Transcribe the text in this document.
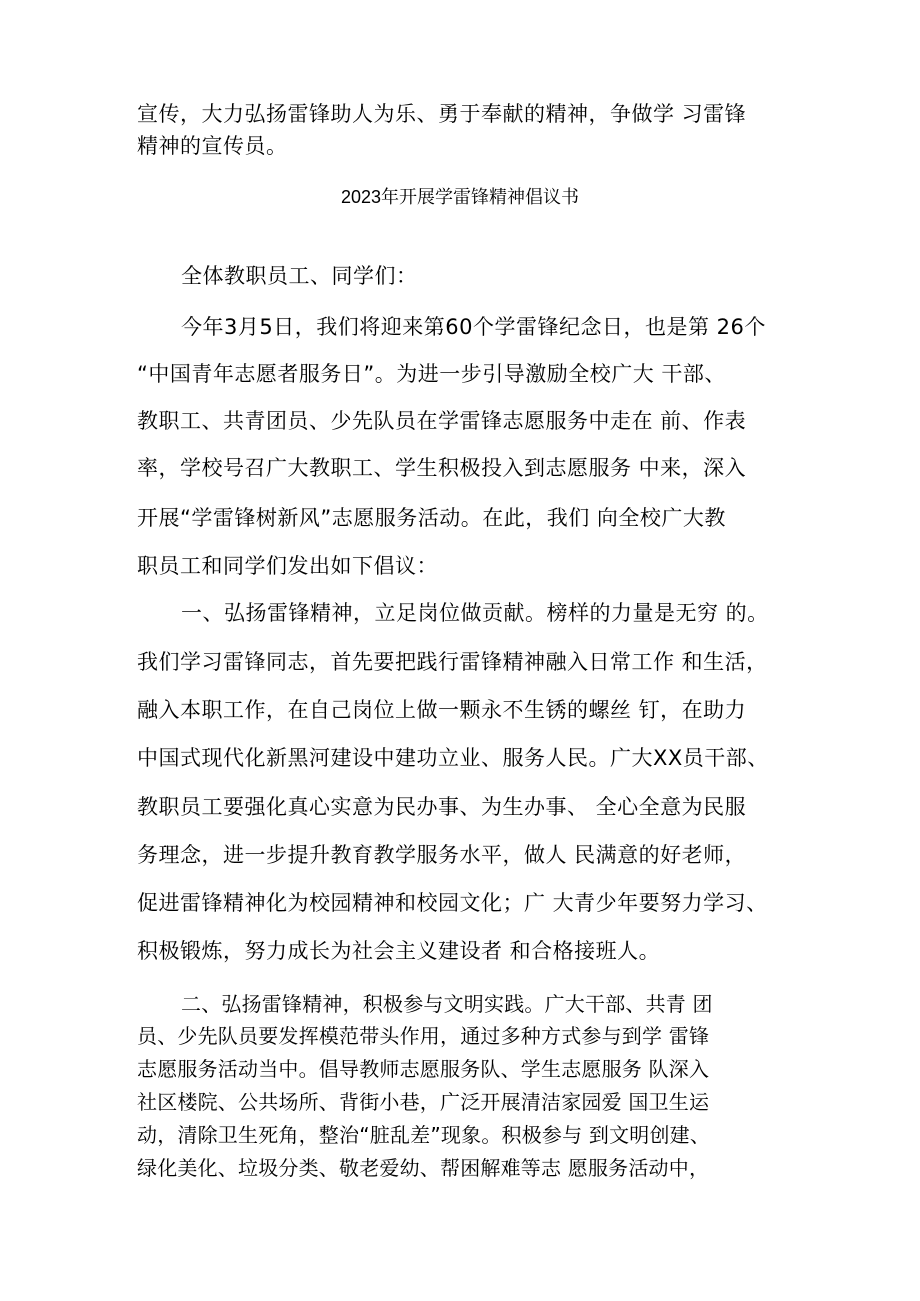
宣传，大力弘扬雷锋助人为乐、勇于奉献的精神，争做学 习雷锋
精神的宣传员。
2023年开展学雷锋精神倡议书
全体教职员工、同学们：
今年3月5日，我们将迎来第60个学雷锋纪念日，也是第 26个
“中国青年志愿者服务日”。为进一步引导激励全校广大 干部、
教职工、共青团员、少先队员在学雷锋志愿服务中走在 前、作表
率，学校号召广大教职工、学生积极投入到志愿服务 中来，深入
开展“学雷锋树新风”志愿服务活动。在此，我们 向全校广大教
职员工和同学们发出如下倡议：
一、弘扬雷锋精神，立足岗位做贡献。榜样的力量是无穷 的。
我们学习雷锋同志，首先要把践行雷锋精神融入日常工作 和生活，
融入本职工作，在自己岗位上做一颗永不生锈的螺丝 钉，在助力
中国式现代化新黑河建设中建功立业、服务人民。广大XX员干部、
教职员工要强化真心实意为民办事、为生办事、 全心全意为民服
务理念，进一步提升教育教学服务水平，做人 民满意的好老师，
促进雷锋精神化为校园精神和校园文化；广 大青少年要努力学习、
积极锻炼，努力成长为社会主义建设者 和合格接班人。
二、弘扬雷锋精神，积极参与文明实践。广大干部、共青 团
员、少先队员要发挥模范带头作用，通过多种方式参与到学 雷锋
志愿服务活动当中。倡导教师志愿服务队、学生志愿服务 队深入
社区楼院、公共场所、背街小巷，广泛开展清洁家园爱 国卫生运
动，清除卫生死角，整治“脏乱差”现象。积极参与 到文明创建、
绿化美化、垃圾分类、敬老爱幼、帮困解难等志 愿服务活动中，
